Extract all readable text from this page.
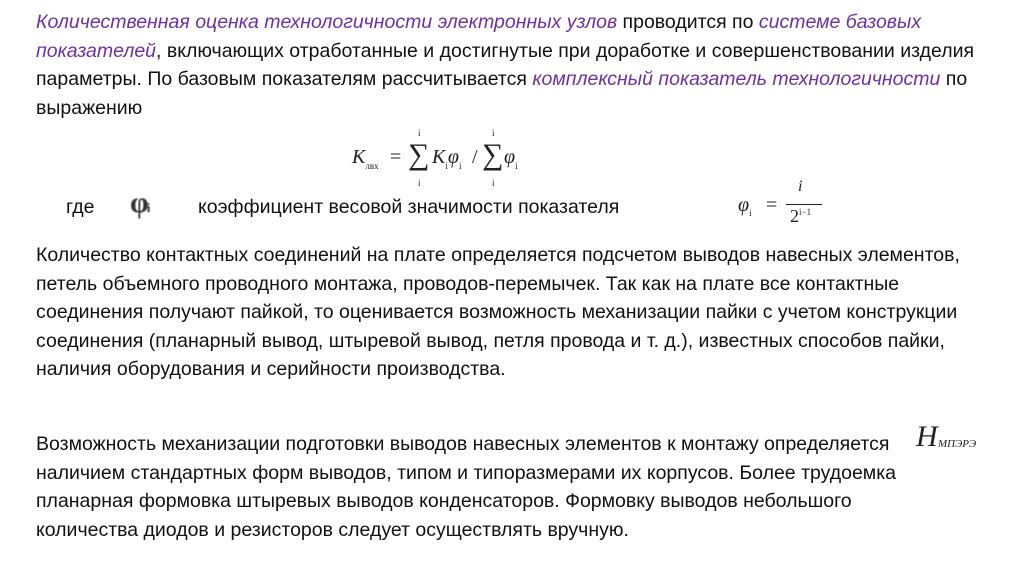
Количественная оценка технологичности электронных узлов проводится по системе базовых показателей, включающих отработанные и достигнутые при доработке и совершенствовании изделия параметры. По базовым показателям рассчитывается комплексный показатель технологичности по выражению

$K_{лвх}$ = ∑
i
i
$K_i\varphi_i$ / ∑
i
i
$\varphi_i$
где φi	коэффициент весовой значимости показателя	$\varphi_i$ =
i
$2^{i-1}$

Количество контактных соединений на плате определяется подсчетом выводов навесных элементов, петель объемного проводного монтажа, проводов-перемычек. Так как на плате все контактные соединения получают пайкой, то оценивается возможность механизации пайки с учетом конструкции соединения (планарный вывод, штыревой вывод, петля провода и т. д.), известных способов пайки, наличия оборудования и серийности производства.

Возможность механизации подготовки выводов навесных элементов к монтажу определяется наличием стандартных форм выводов, типом и типоразмерами их корпусов. Более трудоемка планарная формовка штыревых выводов конденсаторов. Формовку выводов небольшого количества диодов и резисторов следует осуществлять вручную.

H МПЭРЭ
